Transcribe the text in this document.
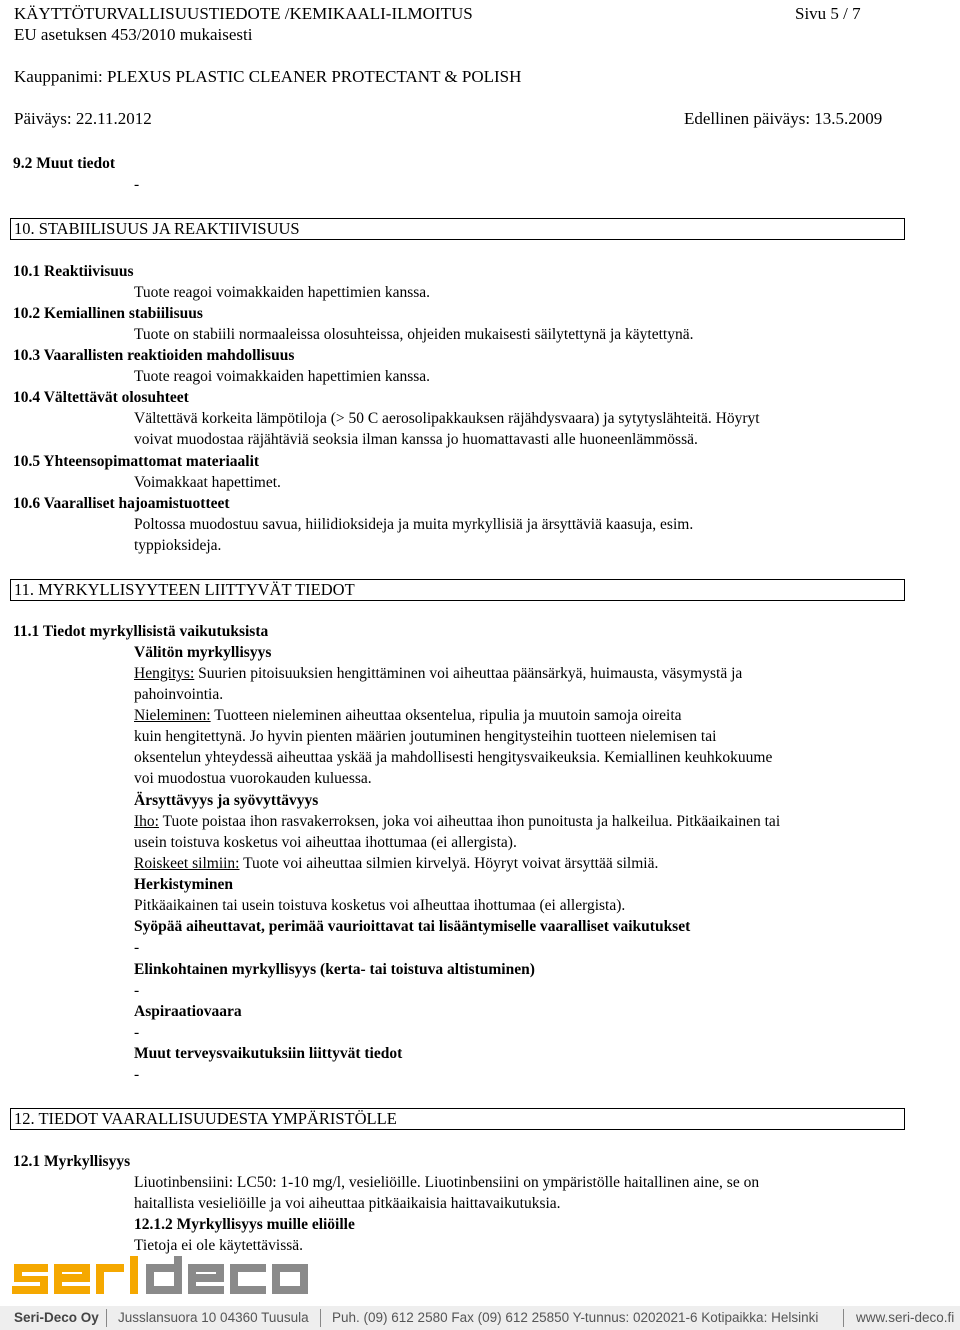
KÄYTTÖTURVALLISUUSTIEDOTE /KEMIKAALI-ILMOITUS	Sivu 5 / 7
EU asetuksen 453/2010 mukaisesti
Kauppanimi: PLEXUS PLASTIC CLEANER PROTECTANT & POLISH
Päiväys: 22.11.2012	Edellinen päiväys: 13.5.2009
9.2 Muut tiedot
-
10. STABIILISUUS JA REAKTIIVISUUS
10.1 Reaktiivisuus
Tuote reagoi voimakkaiden hapettimien kanssa.
10.2 Kemiallinen stabiilisuus
Tuote on stabiili normaaleissa olosuhteissa, ohjeiden mukaisesti säilytettynä ja käytettynä.
10.3 Vaarallisten reaktioiden mahdollisuus
Tuote reagoi voimakkaiden hapettimien kanssa.
10.4 Vältettävät olosuhteet
Vältettävä korkeita lämpötiloja (> 50 C aerosolipakkauksen räjähdysvaara) ja sytytyslähteitä. Höyryt
voivat muodostaa räjähtäviä seoksia ilman kanssa jo huomattavasti alle huoneenlämmössä.
10.5 Yhteensopimattomat materiaalit
Voimakkaat hapettimet.
10.6 Vaaralliset hajoamistuotteet
Poltossa muodostuu savua, hiilidioksideja ja muita myrkyllisiä ja ärsyttäviä kaasuja, esim.
typpioksideja.
11. MYRKYLLISYYTEEN LIITTYVÄT TIEDOT
11.1 Tiedot myrkyllisistä vaikutuksista
Välitön myrkyllisyys
Hengitys: Suurien pitoisuuksien hengittäminen voi aiheuttaa päänsärkyä, huimausta, väsymystä ja
pahoinvointia.
Nieleminen: Tuotteen nieleminen aiheuttaa oksentelua, ripulia ja muutoin samoja oireita
kuin hengitettynä. Jo hyvin pienten määrien joutuminen hengitysteihin tuotteen nielemisen tai
oksentelun yhteydessä aiheuttaa yskää ja mahdollisesti hengitysvaikeuksia. Kemiallinen keuhkokuume
voi muodostua vuorokauden kuluessa.
Ärsyttävyys ja syövyttävyys
Iho: Tuote poistaa ihon rasvakerroksen, joka voi aiheuttaa ihon punoitusta ja halkeilua. Pitkäaikainen tai
usein toistuva kosketus voi aiheuttaa ihottumaa (ei allergista).
Roiskeet silmiin: Tuote voi aiheuttaa silmien kirvelyä. Höyryt voivat ärsyttää silmiä.
Herkistyminen
Pitkäaikainen tai usein toistuva kosketus voi aIheuttaa ihottumaa (ei allergista).
Syöpää aiheuttavat, perimää vaurioittavat tai lisääntymiselle vaaralliset vaikutukset
-
Elinkohtainen myrkyllisyys (kerta- tai toistuva altistuminen)
-
Aspiraatiovaara
-
Muut terveysvaikutuksiin liittyvät tiedot
-
12. TIEDOT VAARALLISUUDESTA YMPÄRISTÖLLE
12.1 Myrkyllisyys
Liuotinbensiini: LC50: 1-10 mg/l, vesieliöille. Liuotinbensiini on ympäristölle haitallinen aine, se on
haitallista vesieliöille ja voi aiheuttaa pitkäaikaisia haittavaikutuksia.
12.1.2 Myrkyllisyys muille eliöille
Tietoja ei ole käytettävissä.
Seri-Deco Oy Jusslansuora 10 04360 Tuusula Puh. (09) 612 2580 Fax (09) 612 25850 Y-tunnus: 0202021-6 Kotipaikka: Helsinki	www.seri-deco.fi
